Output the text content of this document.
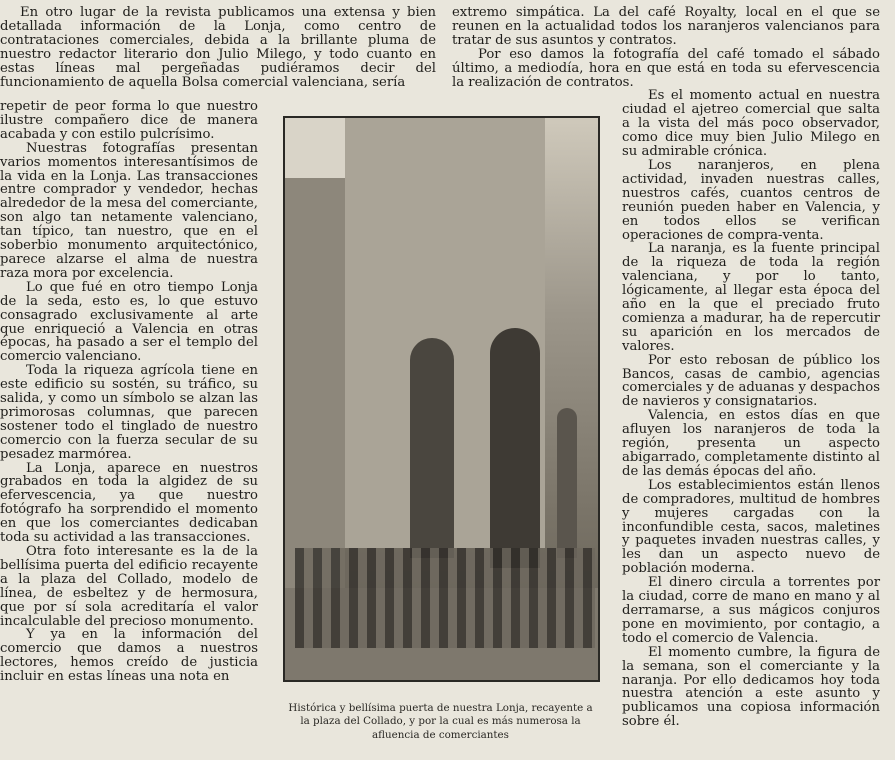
En otro lugar de la revista publicamos una extensa y bien detallada información de la Lonja, como centro de contrataciones comerciales, debida a la brillante pluma de nuestro redactor literario don Julio Milego, y todo cuanto en estas líneas mal pergeñadas pudiéramos decir del funcionamiento de aquella Bolsa comercial valenciana, sería

repetir de peor forma lo que nuestro ilustre compañero dice de manera acabada y con estilo pulcrísimo.

Nuestras fotografías presentan varios momentos interesantísimos de la vida en la Lonja. Las transacciones entre comprador y vendedor, hechas alrededor de la mesa del comerciante, son algo tan netamente valenciano, tan típico, tan nuestro, que en el soberbio monumento arquitectónico, parece alzarse el alma de nuestra raza mora por excelencia.

Lo que fué en otro tiempo Lonja de la seda, esto es, lo que estuvo consagrado exclusivamente al arte que enriqueció a Valencia en otras épocas, ha pasado a ser el templo del comercio valenciano.

Toda la riqueza agrícola tiene en este edificio su sostén, su tráfico, su salida, y como un símbolo se alzan las primorosas columnas, que parecen sostener todo el tinglado de nuestro comercio con la fuerza secular de su pesadez marmórea.

La Lonja, aparece en nuestros grabados en toda la algidez de su efervescencia, ya que nuestro fotógrafo ha sorprendido el momento en que los comerciantes dedicaban toda su actividad a las transacciones.

Otra foto interesante es la de la bellísima puerta del edificio recayente a la plaza del Collado, modelo de línea, de esbeltez y de hermosura, que por sí sola acreditaría el valor incalculable del precioso monumento.

Y ya en la información del comercio que damos a nuestros lectores, hemos creído de justicia incluir en estas líneas una nota en

extremo simpática. La del café Royalty, local en el que se reunen en la actualidad todos los naranjeros valencianos para tratar de sus asuntos y contratos.

Por eso damos la fotografía del café tomado el sábado último, a mediodía, hora en que está en toda su efervescencia la realización de contratos.

Es el momento actual en nuestra ciudad el ajetreo comercial que salta a la vista del más poco observador, como dice muy bien Julio Milego en su admirable crónica.

Los naranjeros, en plena actividad, invaden nuestras calles, nuestros cafés, cuantos centros de reunión pueden haber en Valencia, y en todos ellos se verifican operaciones de compra-venta.

La naranja, es la fuente principal de la riqueza de toda la región valenciana, y por lo tanto, lógicamente, al llegar esta época del año en la que el preciado fruto comienza a madurar, ha de repercutir su aparición en los mercados de valores.

Por esto rebosan de público los Bancos, casas de cambio, agencias comerciales y de aduanas y despachos de navieros y consignatarios.

Valencia, en estos días en que afluyen los naranjeros de toda la región, presenta un aspecto abigarrado, completamente distinto al de las demás épocas del año.

Los establecimientos están llenos de compradores, multitud de hombres y mujeres cargadas con la inconfundible cesta, sacos, maletines y paquetes invaden nuestras calles, y les dan un aspecto nuevo de población moderna.

El dinero circula a torrentes por la ciudad, corre de mano en mano y al derramarse, a sus mágicos conjuros pone en movimiento, por contagio, a todo el comercio de Valencia.

El momento cumbre, la figura de la semana, son el comerciante y la naranja. Por ello dedicamos hoy toda nuestra atención a este asunto y publicamos una copiosa información sobre él.

Histórica y bellísima puerta de nuestra Lonja, recayente a la plaza del Collado, y por la cual es más numerosa la afluencia de comerciantes
